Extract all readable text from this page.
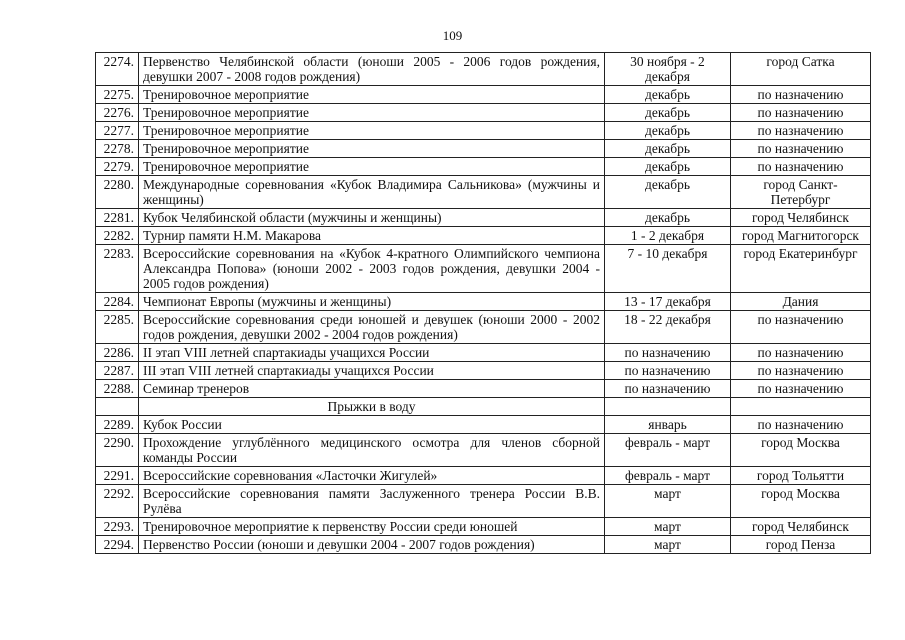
109
2274.	Первенство Челябинской области (юноши 2005 - 2006 годов рождения, девушки 2007 - 2008 годов рождения)	30 ноября - 2 декабря	город Сатка
2275.	Тренировочное мероприятие	декабрь	по назначению
2276.	Тренировочное мероприятие	декабрь	по назначению
2277.	Тренировочное мероприятие	декабрь	по назначению
2278.	Тренировочное мероприятие	декабрь	по назначению
2279.	Тренировочное мероприятие	декабрь	по назначению
2280.	Международные соревнования «Кубок Владимира Сальникова» (мужчины и женщины)	декабрь	город Санкт-Петербург
2281.	Кубок Челябинской области (мужчины и женщины)	декабрь	город Челябинск
2282.	Турнир памяти Н.М. Макарова	1 - 2 декабря	город Магнитогорск
2283.	Всероссийские соревнования на «Кубок 4-кратного Олимпийского чемпиона Александра Попова» (юноши 2002 - 2003 годов рождения, девушки 2004 - 2005 годов рождения)	7 - 10 декабря	город Екатеринбург
2284.	Чемпионат Европы (мужчины и женщины)	13 - 17 декабря	Дания
2285.	Всероссийские соревнования среди юношей и девушек (юноши 2000 - 2002 годов рождения, девушки 2002 - 2004 годов рождения)	18 - 22 декабря	по назначению
2286.	II этап VIII летней спартакиады учащихся России	по назначению	по назначению
2287.	III этап VIII летней спартакиады учащихся России	по назначению	по назначению
2288.	Семинар тренеров	по назначению	по назначению
	Прыжки в воду		
2289.	Кубок России	январь	по назначению
2290.	Прохождение углублённого медицинского осмотра для членов сборной команды России	февраль - март	город Москва
2291.	Всероссийские соревнования «Ласточки Жигулей»	февраль - март	город Тольятти
2292.	Всероссийские соревнования памяти Заслуженного тренера России В.В. Рулёва	март	город Москва
2293.	Тренировочное мероприятие к первенству России среди юношей	март	город Челябинск
2294.	Первенство России (юноши и девушки 2004 - 2007 годов рождения)	март	город Пенза
